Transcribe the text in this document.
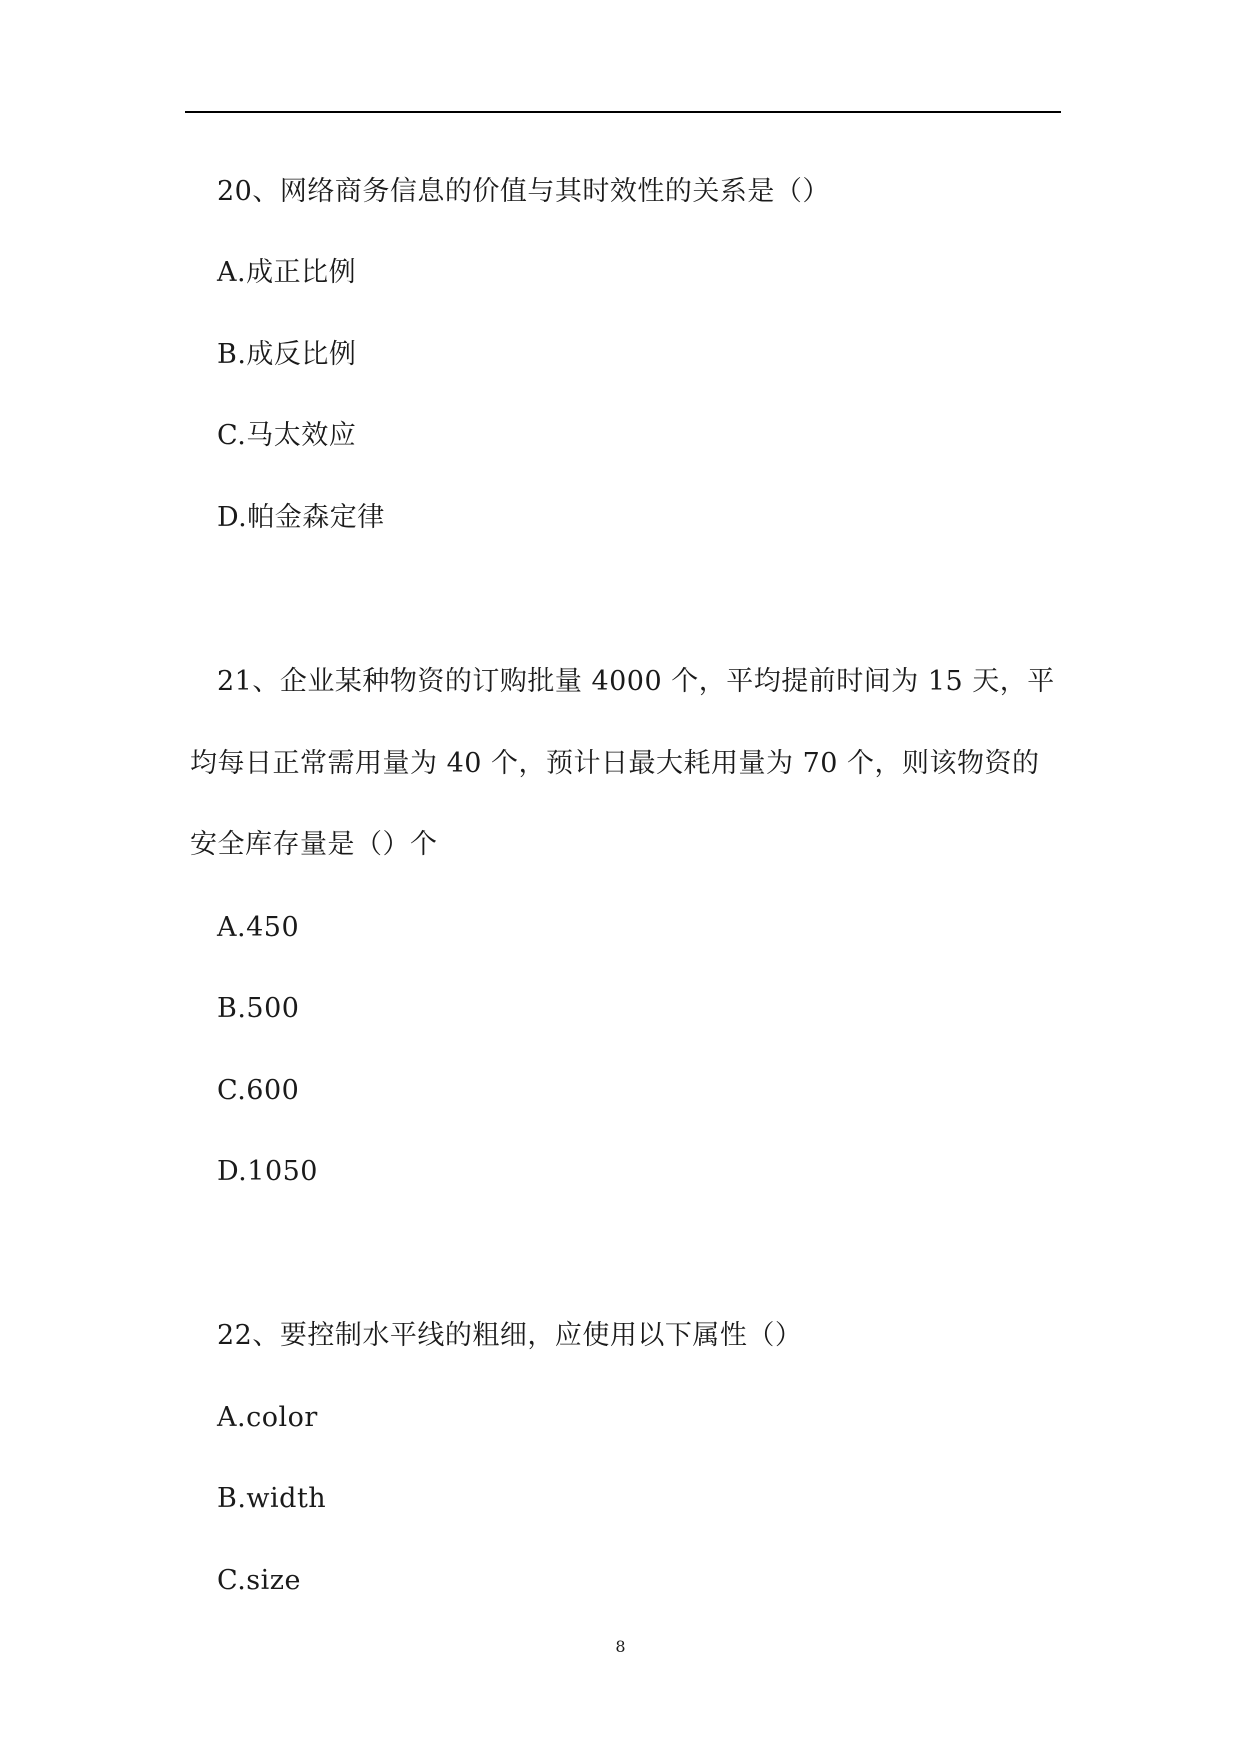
20、网络商务信息的价值与其时效性的关系是（）
A.成正比例
B.成反比例
C.马太效应
D.帕金森定律
21、企业某种物资的订购批量 4000 个，平均提前时间为 15 天，平
均每日正常需用量为 40 个，预计日最大耗用量为 70 个，则该物资的
安全库存量是（）个
A.450
B.500
C.600
D.1050
22、要控制水平线的粗细，应使用以下属性（）
A.color
B.width
C.size
8
